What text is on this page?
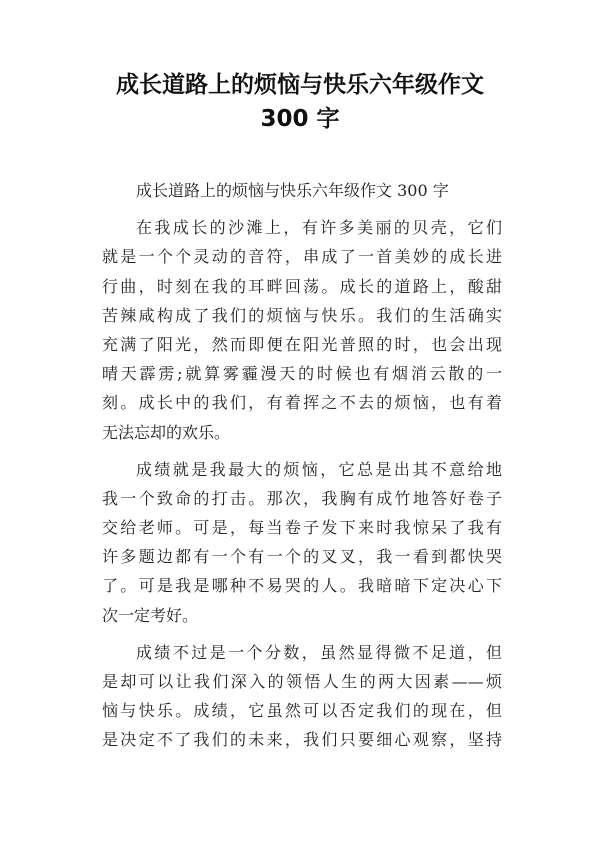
成长道路上的烦恼与快乐六年级作文
300 字
成长道路上的烦恼与快乐六年级作文 300 字
在我成长的沙滩上，有许多美丽的贝壳，它们
就是一个个灵动的音符，串成了一首美妙的成长进
行曲，时刻在我的耳畔回荡。成长的道路上，酸甜
苦辣咸构成了我们的烦恼与快乐。我们的生活确实
充满了阳光，然而即便在阳光普照的时，也会出现
晴天霹雳;就算雾霾漫天的时候也有烟消云散的一
刻。成长中的我们，有着挥之不去的烦恼，也有着
无法忘却的欢乐。
成绩就是我最大的烦恼，它总是出其不意给地
我一个致命的打击。那次，我胸有成竹地答好卷子
交给老师。可是，每当卷子发下来时我惊呆了我有
许多题边都有一个有一个的叉叉，我一看到都快哭
了。可是我是哪种不易哭的人。我暗暗下定决心下
次一定考好。
成绩不过是一个分数，虽然显得微不足道，但
是却可以让我们深入的领悟人生的两大因素——烦
恼与快乐。成绩，它虽然可以否定我们的现在，但
是决定不了我们的未来，我们只要细心观察，坚持
